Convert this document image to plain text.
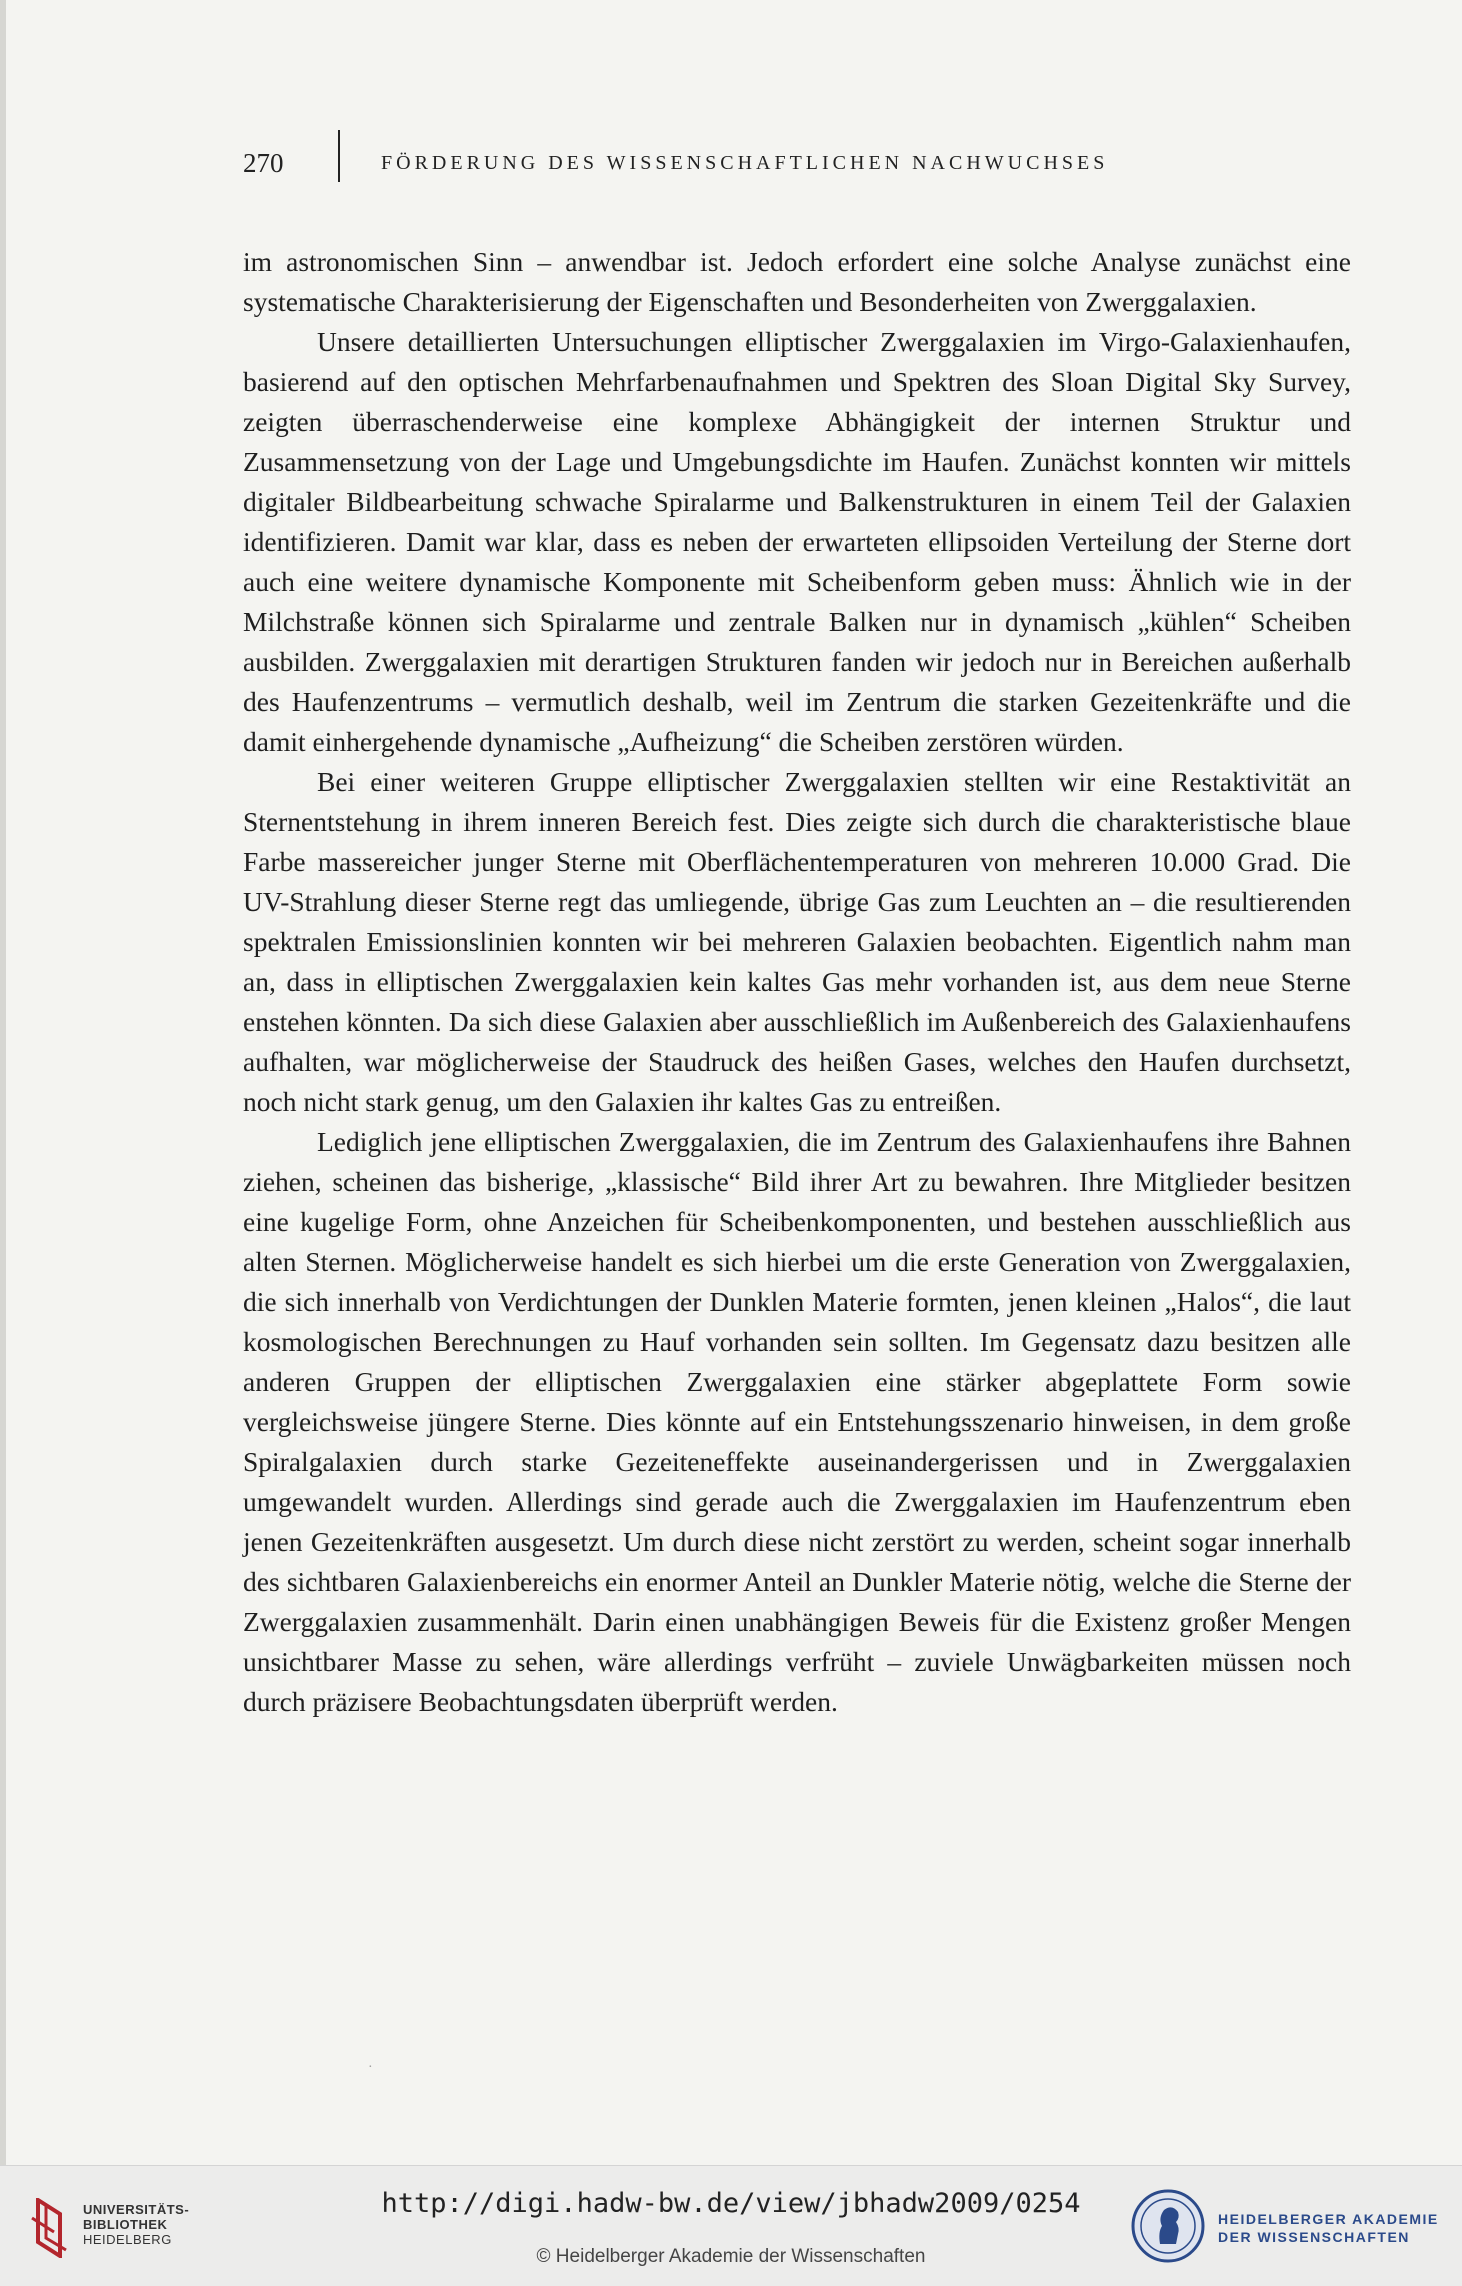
270	FÖRDERUNG DES WISSENSCHAFTLICHEN NACHWUCHSES

im astronomischen Sinn – anwendbar ist. Jedoch erfordert eine solche Analyse zunächst eine systematische Charakterisierung der Eigenschaften und Besonderheiten von Zwerggalaxien.

Unsere detaillierten Untersuchungen elliptischer Zwerggalaxien im Virgo-Galaxienhaufen, basierend auf den optischen Mehrfarbenaufnahmen und Spektren des Sloan Digital Sky Survey, zeigten überraschenderweise eine komplexe Abhängigkeit der internen Struktur und Zusammensetzung von der Lage und Umgebungsdichte im Haufen. Zunächst konnten wir mittels digitaler Bildbearbeitung schwache Spiralarme und Balkenstrukturen in einem Teil der Galaxien identifizieren. Damit war klar, dass es neben der erwarteten ellipsoiden Verteilung der Sterne dort auch eine weitere dynamische Komponente mit Scheibenform geben muss: Ähnlich wie in der Milchstraße können sich Spiralarme und zentrale Balken nur in dynamisch „kühlen“ Scheiben ausbilden. Zwerggalaxien mit derartigen Strukturen fanden wir jedoch nur in Bereichen außerhalb des Haufenzentrums – vermutlich deshalb, weil im Zentrum die starken Gezeitenkräfte und die damit einhergehende dynamische „Aufheizung“ die Scheiben zerstören würden.

Bei einer weiteren Gruppe elliptischer Zwerggalaxien stellten wir eine Restaktivität an Sternentstehung in ihrem inneren Bereich fest. Dies zeigte sich durch die charakteristische blaue Farbe massereicher junger Sterne mit Oberflächentemperaturen von mehreren 10.000 Grad. Die UV-Strahlung dieser Sterne regt das umliegende, übrige Gas zum Leuchten an – die resultierenden spektralen Emissionslinien konnten wir bei mehreren Galaxien beobachten. Eigentlich nahm man an, dass in elliptischen Zwerggalaxien kein kaltes Gas mehr vorhanden ist, aus dem neue Sterne enstehen könnten. Da sich diese Galaxien aber ausschließlich im Außenbereich des Galaxienhaufens aufhalten, war möglicherweise der Staudruck des heißen Gases, welches den Haufen durchsetzt, noch nicht stark genug, um den Galaxien ihr kaltes Gas zu entreißen.

Lediglich jene elliptischen Zwerggalaxien, die im Zentrum des Galaxienhaufens ihre Bahnen ziehen, scheinen das bisherige, „klassische“ Bild ihrer Art zu bewahren. Ihre Mitglieder besitzen eine kugelige Form, ohne Anzeichen für Scheibenkomponenten, und bestehen ausschließlich aus alten Sternen. Möglicherweise handelt es sich hierbei um die erste Generation von Zwerggalaxien, die sich innerhalb von Verdichtungen der Dunklen Materie formten, jenen kleinen „Halos“, die laut kosmologischen Berechnungen zu Hauf vorhanden sein sollten. Im Gegensatz dazu besitzen alle anderen Gruppen der elliptischen Zwerggalaxien eine stärker abgeplattete Form sowie vergleichsweise jüngere Sterne. Dies könnte auf ein Entstehungsszenario hinweisen, in dem große Spiralgalaxien durch starke Gezeiteneffekte auseinandergerissen und in Zwerggalaxien umgewandelt wurden. Allerdings sind gerade auch die Zwerggalaxien im Haufenzentrum eben jenen Gezeitenkräften ausgesetzt. Um durch diese nicht zerstört zu werden, scheint sogar innerhalb des sichtbaren Galaxienbereichs ein enormer Anteil an Dunkler Materie nötig, welche die Sterne der Zwerggalaxien zusammenhält. Darin einen unabhängigen Beweis für die Existenz großer Mengen unsichtbarer Masse zu sehen, wäre allerdings verfrüht – zuviele Unwägbarkeiten müssen noch durch präzisere Beobachtungsdaten überprüft werden.

·
UNIVERSITÄTS-
BIBLIOTHEK
HEIDELBERG
http://digi.hadw-bw.de/view/jbhadw2009/0254
© Heidelberger Akademie der Wissenschaften
HEIDELBERGER AKADEMIE
DER WISSENSCHAFTEN
